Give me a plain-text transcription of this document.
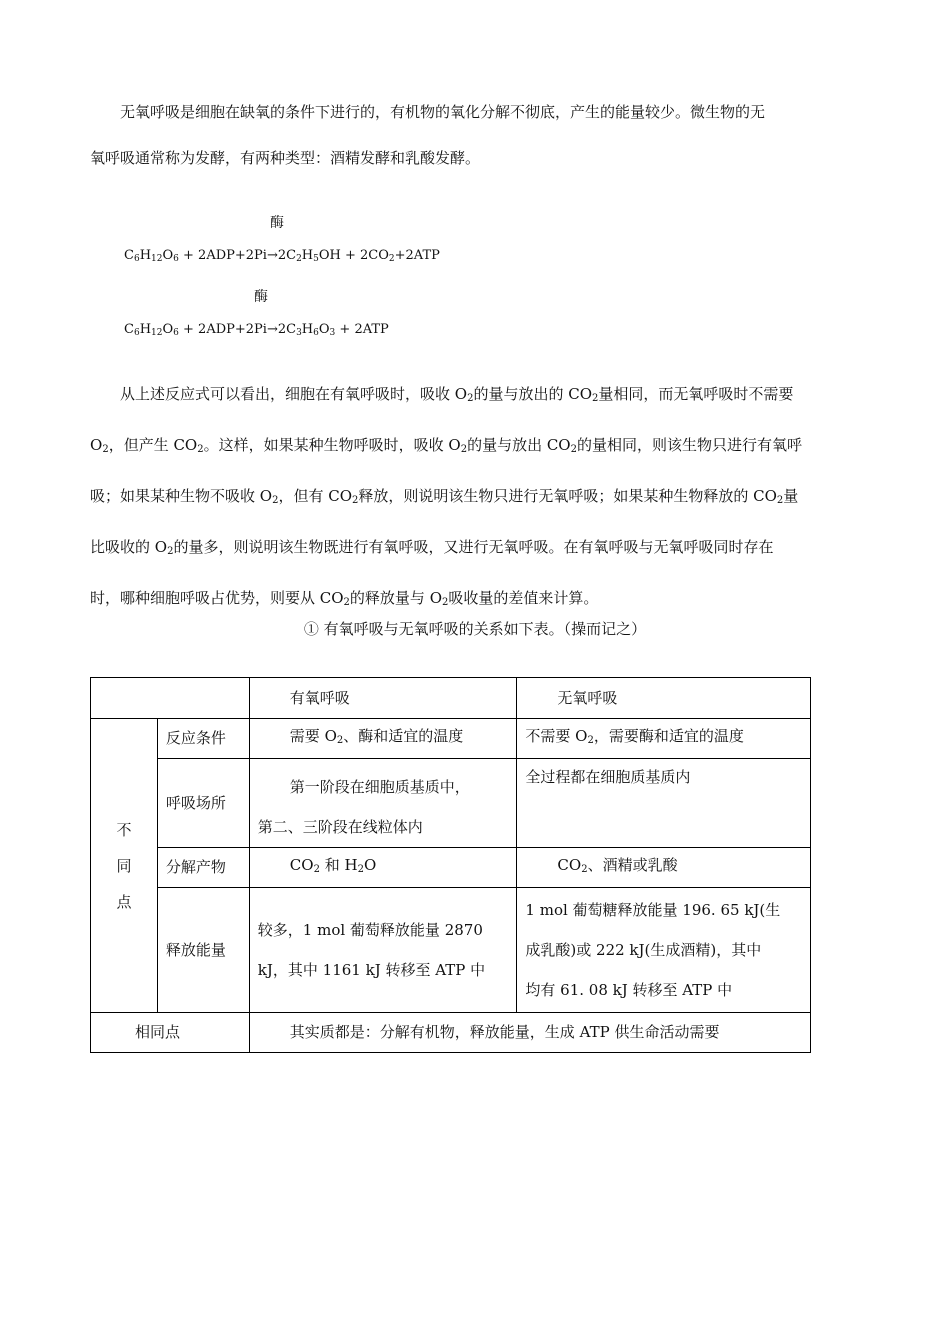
无氧呼吸是细胞在缺氧的条件下进行的，有机物的氧化分解不彻底，产生的能量较少。微生物的无
氧呼吸通常称为发酵，有两种类型：酒精发酵和乳酸发酵。

酶
$C_6H_{12}O_6 + 2ADP+2Pi\to 2C_2H_5OH + 2CO_2+2ATP$
酶
$C_6H_{12}O_6 + 2ADP+2Pi\to 2C_3H_6O_3 + 2ATP$

从上述反应式可以看出，细胞在有氧呼吸时，吸收 $O_2$的量与放出的 $CO_2$量相同，而无氧呼吸时不需要
$O_2$，但产生 $CO_2$。这样，如果某种生物呼吸时，吸收 $O_2$的量与放出 $CO_2$的量相同，则该生物只进行有氧呼
吸；如果某种生物不吸收 $O_2$，但有 $CO_2$释放，则说明该生物只进行无氧呼吸；如果某种生物释放的 $CO_2$量
比吸收的 $O_2$的量多，则说明该生物既进行有氧呼吸，又进行无氧呼吸。在有氧呼吸与无氧呼吸同时存在
时，哪种细胞呼吸占优势，则要从 $CO_2$的释放量与 $O_2$吸收量的差值来计算。

① 有氧呼吸与无氧呼吸的关系如下表。（操而记之）
		有氧呼吸	无氧呼吸
不
同
点	反应条件	需要 $O_2$、酶和适宜的温度	不需要 $O_2$，需要酶和适宜的温度
	呼吸场所	第一阶段在细胞质基质中，
第二、三阶段在线粒体内	全过程都在细胞质基质内
	分解产物	$CO_2$ 和 $H_2O$	$CO_2$、酒精或乳酸
	释放能量	较多，1 mol 葡萄释放能量 2870
kJ，其中 1161 kJ 转移至 ATP 中	1 mol 葡萄糖释放能量 196. 65 kJ(生
成乳酸)或 222 kJ(生成酒精)，其中
均有 61. 08 kJ 转移至 ATP 中
相同点		其实质都是：分解有机物，释放能量，生成 ATP 供生命活动需要	
